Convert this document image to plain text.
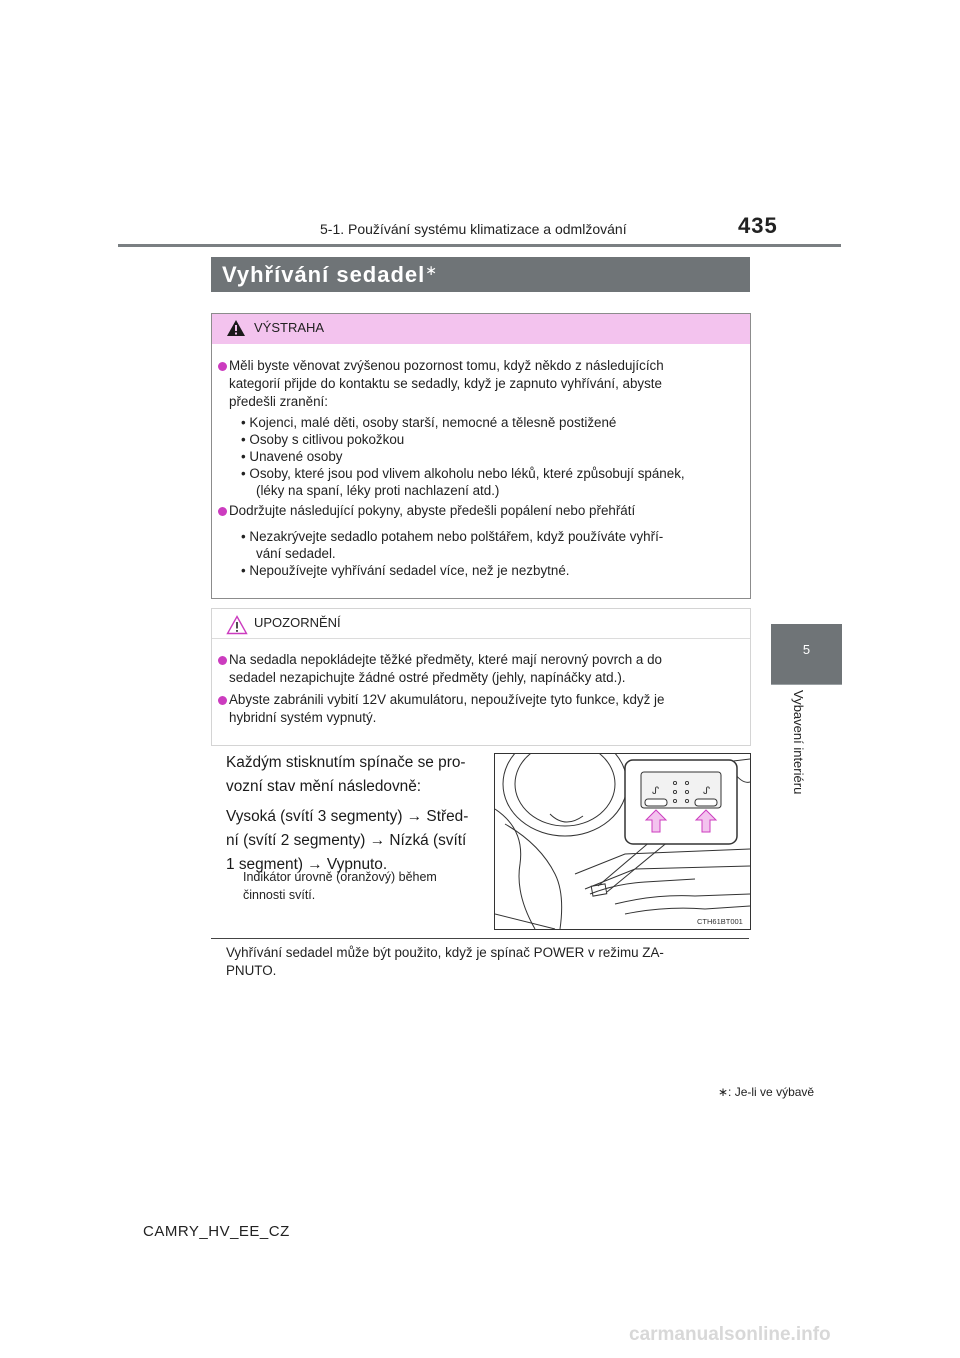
5-1. Používání systému klimatizace a odmlžování	435
5
Vybavení interiéru
Vyhřívání sedadel∗
VÝSTRAHA
Měli byste věnovat zvýšenou pozornost tomu, když někdo z následujících
kategorií přijde do kontaktu se sedadly, když je zapnuto vyhřívání, abyste
předešli zranění:
• Kojenci, malé děti, osoby starší, nemocné a tělesně postižené
• Osoby s citlivou pokožkou
• Unavené osoby
• Osoby, které jsou pod vlivem alkoholu nebo léků, které způsobují spánek,
(léky na spaní, léky proti nachlazení atd.)
Dodržujte následující pokyny, abyste předešli popálení nebo přehřátí
• Nezakrývejte sedadlo potahem nebo polštářem, když používáte vyhří-
vání sedadel.
• Nepoužívejte vyhřívání sedadel více, než je nezbytné.
UPOZORNĚNÍ
Na sedadla nepokládejte těžké předměty, které mají nerovný povrch a do
sedadel nezapichujte žádné ostré předměty (jehly, napínáčky atd.).
Abyste zabránili vybití 12V akumulátoru, nepoužívejte tyto funkce, když je
hybridní systém vypnutý.
Každým stisknutím spínače se pro-
vozní stav mění následovně:
Vysoká (svítí 3 segmenty) → Střed-
ní (svítí 2 segmenty) → Nízká (svítí
1 segment) → Vypnuto.
Indikátor úrovně (oranžový) během
činnosti svítí.
ᔑ	ᔑ
CTH61BT001
Vyhřívání sedadel může být použito, když je spínač POWER v režimu ZA-
PNUTO.
∗: Je-li ve výbavě
CAMRY_HV_EE_CZ
carmanualsonline.info
